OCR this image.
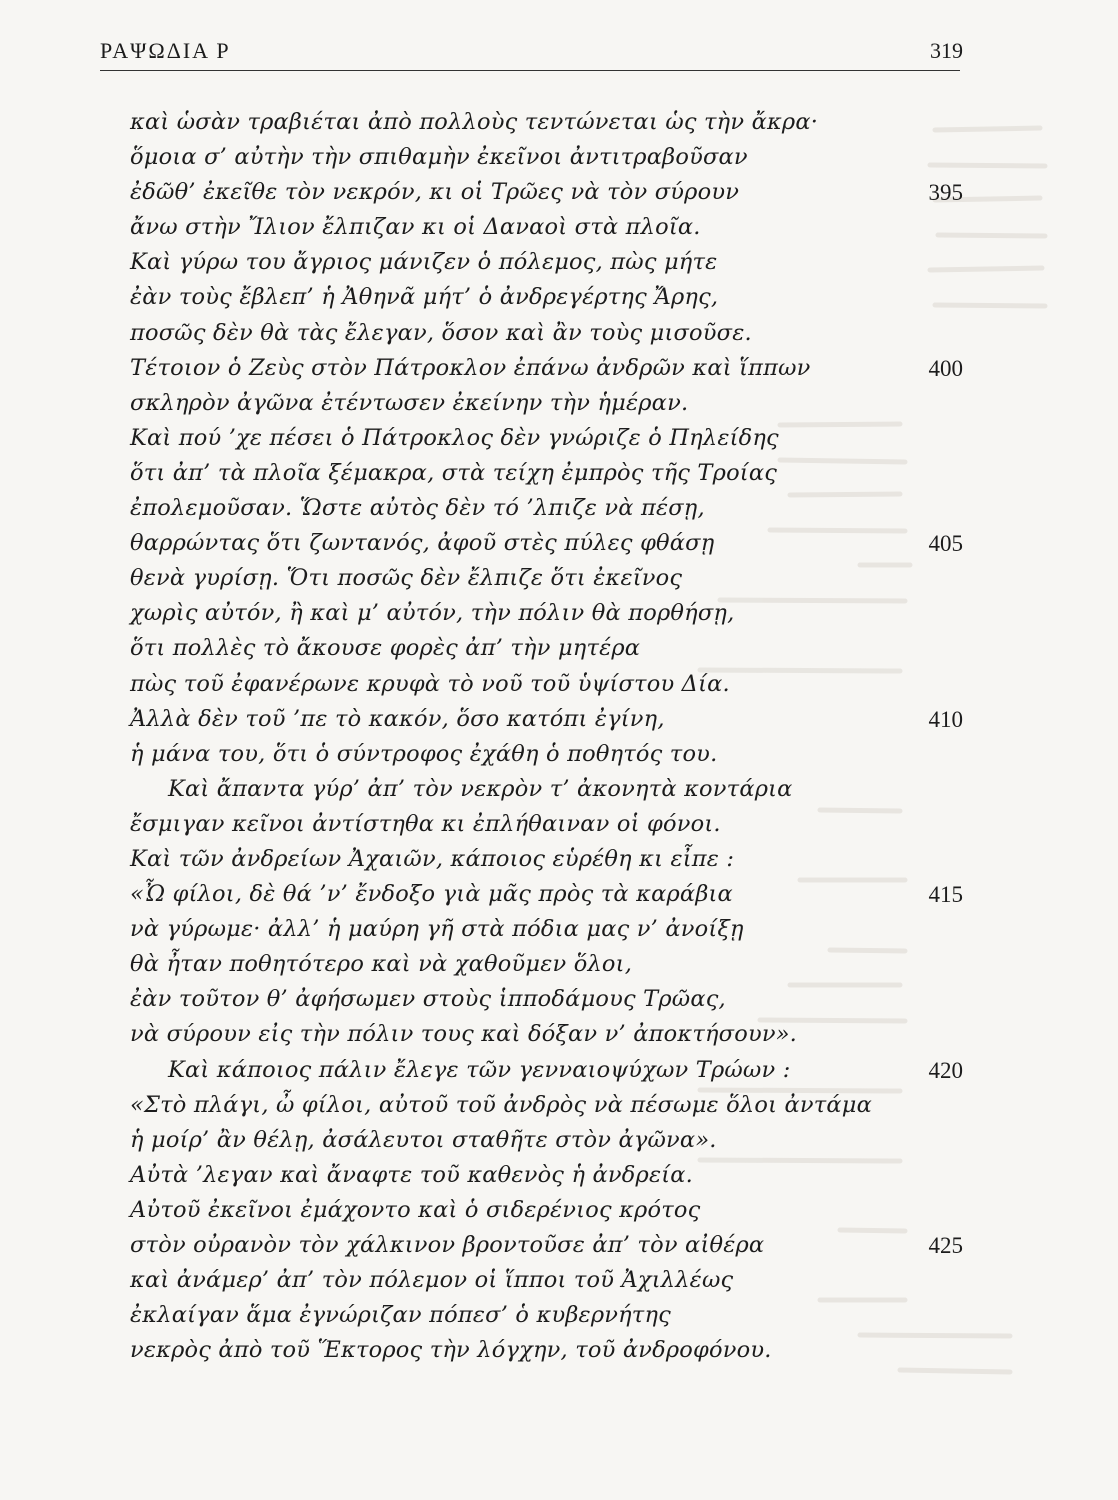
ΡΑΨΩΔΙΑ Ρ	319
καὶ ὡσὰν τραβιέται ἀπὸ πολλοὺς τεντώνεται ὡς τὴν ἄκρα·
ὅμοια σ’ αὐτὴν τὴν σπιθαμὴν ἐκεῖνοι ἀντιτραβοῦσαν
ἐδῶθ’ ἐκεῖθε τὸν νεκρόν, κι οἱ Τρῶες νὰ τὸν σύρουν	395
ἄνω στὴν Ἴλιον ἔλπιζαν κι οἱ Δαναοὶ στὰ πλοῖα.
Καὶ γύρω του ἄγριος μάνιζεν ὁ πόλεμος, πὼς μήτε
ἐὰν τοὺς ἔβλεπ’ ἡ Ἀθηνᾶ μήτ’ ὁ ἀνδρεγέρτης Ἄρης,
ποσῶς δὲν θὰ τὰς ἔλεγαν, ὅσον καὶ ἂν τοὺς μισοῦσε.
Τέτοιον ὁ Ζεὺς στὸν Πάτροκλον ἐπάνω ἀνδρῶν καὶ ἵππων	400
σκληρὸν ἀγῶνα ἐτέντωσεν ἐκείνην τὴν ἡμέραν.
Καὶ πού ’χε πέσει ὁ Πάτροκλος δὲν γνώριζε ὁ Πηλείδης
ὅτι ἀπ’ τὰ πλοῖα ξέμακρα, στὰ τείχη ἐμπρὸς τῆς Τροίας
ἐπολεμοῦσαν. Ὥστε αὐτὸς δὲν τό ’λπιζε νὰ πέσῃ,
θαρρώντας ὅτι ζωντανός, ἀφοῦ στὲς πύλες φθάσῃ	405
θενὰ γυρίσῃ. Ὅτι ποσῶς δὲν ἔλπιζε ὅτι ἐκεῖνος
χωρὶς αὐτόν, ἢ καὶ μ’ αὐτόν, τὴν πόλιν θὰ πορθήσῃ,
ὅτι πολλὲς τὸ ἄκουσε φορὲς ἀπ’ τὴν μητέρα
πὼς τοῦ ἐφανέρωνε κρυφὰ τὸ νοῦ τοῦ ὑψίστου Δία.
Ἀλλὰ δὲν τοῦ ’πε τὸ κακόν, ὅσο κατόπι ἐγίνη,	410
ἡ μάνα του, ὅτι ὁ σύντροφος ἐχάθη ὁ ποθητός του.
Καὶ ἄπαντα γύρ’ ἀπ’ τὸν νεκρὸν τ’ ἀκονητὰ κοντάρια
ἔσμιγαν κεῖνοι ἀντίστηθα κι ἐπλήθαιναν οἱ φόνοι.
Καὶ τῶν ἀνδρείων Ἀχαιῶν, κάποιος εὑρέθη κι εἶπε :
«Ὦ φίλοι, δὲ θά ’ν’ ἔνδοξο γιὰ μᾶς πρὸς τὰ καράβια	415
νὰ γύρωμε· ἀλλ’ ἡ μαύρη γῆ στὰ πόδια μας ν’ ἀνοίξῃ
θὰ ἦταν ποθητότερο καὶ νὰ χαθοῦμεν ὅλοι,
ἐὰν τοῦτον θ’ ἀφήσωμεν στοὺς ἱπποδάμους Τρῶας,
νὰ σύρουν εἰς τὴν πόλιν τους καὶ δόξαν ν’ ἀποκτήσουν».
Καὶ κάποιος πάλιν ἔλεγε τῶν γενναιοψύχων Τρώων :	420
«Στὸ πλάγι, ὦ φίλοι, αὐτοῦ τοῦ ἀνδρὸς νὰ πέσωμε ὅλοι ἀντάμα
ἡ μοίρ’ ἂν θέλῃ, ἀσάλευτοι σταθῆτε στὸν ἀγῶνα».
Αὐτὰ ’λεγαν καὶ ἄναφτε τοῦ καθενὸς ἡ ἀνδρεία.
Αὐτοῦ ἐκεῖνοι ἐμάχοντο καὶ ὁ σιδερένιος κρότος
στὸν οὐρανὸν τὸν χάλκινον βροντοῦσε ἀπ’ τὸν αἰθέρα	425
καὶ ἀνάμερ’ ἀπ’ τὸν πόλεμον οἱ ἵπποι τοῦ Ἀχιλλέως
ἐκλαίγαν ἅμα ἐγνώριζαν πόπεσ’ ὁ κυβερνήτης
νεκρὸς ἀπὸ τοῦ Ἕκτορος τὴν λόγχην, τοῦ ἀνδροφόνου.
